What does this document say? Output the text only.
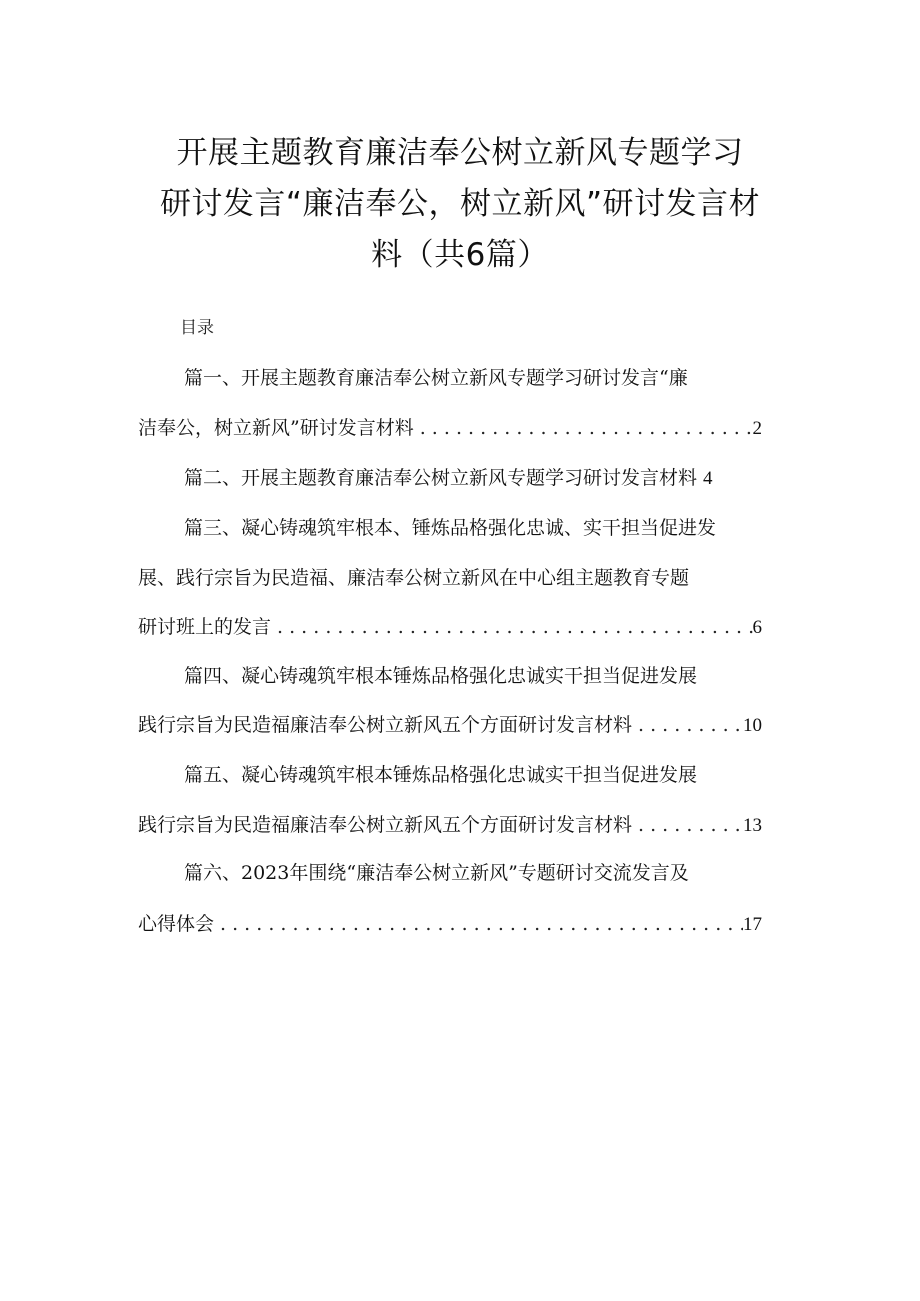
开展主题教育廉洁奉公树立新风专题学习
研讨发言“廉洁奉公，树立新风”研讨发言材
料（共6篇）
目录
篇一、开展主题教育廉洁奉公树立新风专题学习研讨发言“廉
洁奉公，树立新风”研讨发言材料 . . .	2
篇二、开展主题教育廉洁奉公树立新风专题学习研讨发言材料 4
篇三、凝心铸魂筑牢根本、锤炼品格强化忠诚、实干担当促进发
展、践行宗旨为民造福、廉洁奉公树立新风在中心组主题教育专题
研讨班上的发言 . . .	6
篇四、凝心铸魂筑牢根本锤炼品格强化忠诚实干担当促进发展
践行宗旨为民造福廉洁奉公树立新风五个方面研讨发言材料 . . .	10
篇五、凝心铸魂筑牢根本锤炼品格强化忠诚实干担当促进发展
践行宗旨为民造福廉洁奉公树立新风五个方面研讨发言材料 . . .	13
篇六、2023年围绕“廉洁奉公树立新风”专题研讨交流发言及
心得体会 . . .	17
